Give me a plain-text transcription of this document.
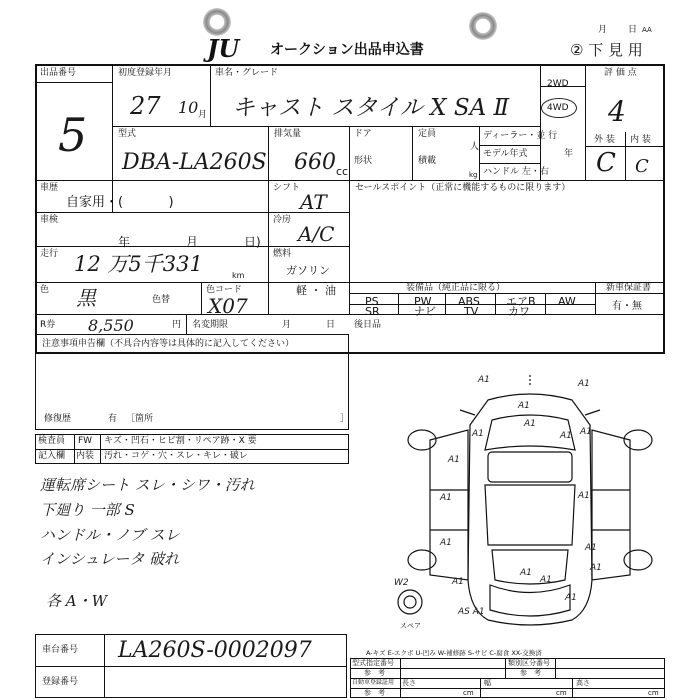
JU オークション出品申込書
月 日 AA
② 下 見 用
出品番号
5
初度登録年月
27 10 月
車名・グレード
キャスト スタイル X SA Ⅱ
2WD
4WD
評 価 点
4
型式
DBA-LA260S
排気量
660 cc
ドア	定員
人
形状	積載
kg
ディーラー・並 行
モデル年式	年
ハンドル 左・右
外 装 内 装
C C
車歴
自家用・(           )
シフト
AT
セールスポイント（正常に機能するものに限ります）
車検
年	月	日)
冷房
A/C
走行 12 万5千331	km
燃料
ガソリン
軽 ・ 油
色 黒	色替
色コード
X07
装備品（純正品に限る）
PS	PW ABS エアB AW
SR	ナビ	TV	カワ
新車保証書
有・無
R券 8,550	円 名変期限	月	日 後日品
注意事項申告欄（不具合内容等は具体的に記入してください）
修復歴	有 ［箇所	］
検査員
記入欄
FW キズ・凹石・ヒビ割・リペア跡・X 要
内装 汚れ・コゲ・穴・スレ・キレ・破レ
運転席シート スレ・シワ・汚れ
下廻り 一部 S
ハンドル・ノブ スレ
インシュレータ 破れ
各 A・W
車台番号 LA260S-0002097
登録番号
A-キズ E-エクボ U-凹み W-補修跡 S-サビ C-腐食 XX-交換済
型式指定番号
参　考
類別区分番号
参　考
自動車登録証用
参　考
長さ
cm
幅
cm
高さ
cm
スペア
A1	A1
A1
A1
A1	A1
A1
A1
A1	A1
A1	A1
A1
A1
W2	A1
AS A1
A1
A1
